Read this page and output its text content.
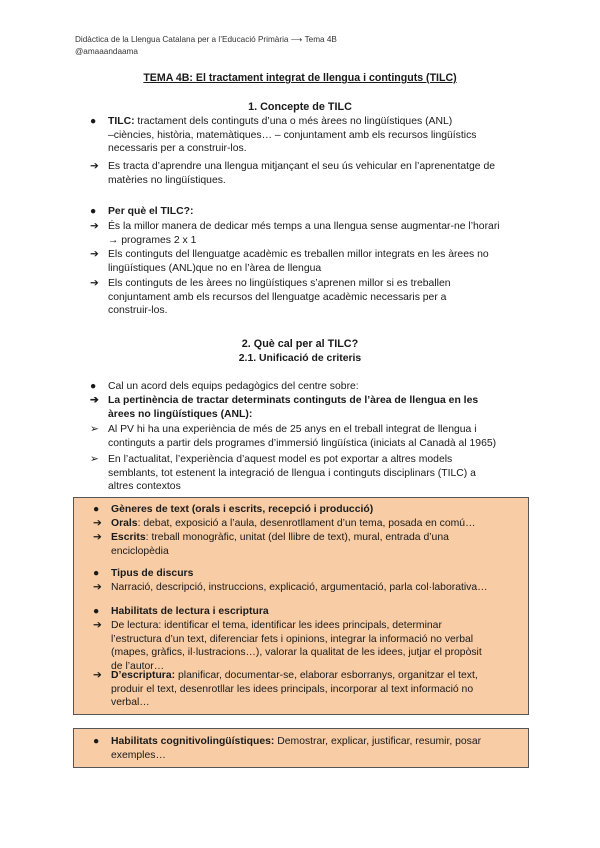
Didàctica de la Llengua Catalana per a l’Educació Primària ⟶ Tema 4B
@amaaandaama
TEMA 4B: El tractament integrat de llengua i continguts (TILC)
1. Concepte de TILC
●	TILC: tractament dels continguts d’una o més àrees no lingüístiques (ANL)
–ciències, història, matemàtiques… – conjuntament amb els recursos lingüístics
necessaris per a construir-los.
➔ Es tracta d’aprendre una llengua mitjançant el seu ús vehicular en l’aprenentatge de
matèries no lingüístiques.
●	Per què el TILC?:
➔ És la millor manera de dedicar més temps a una llengua sense augmentar-ne l’horari
→ programes 2 x 1
➔ Els continguts del llenguatge acadèmic es treballen millor integrats en les àrees no
lingüístiques (ANL)que no en l’àrea de llengua
➔ Els continguts de les àrees no lingüístiques s’aprenen millor si es treballen
conjuntament amb els recursos del llenguatge acadèmic necessaris per a
construir-los.
2. Què cal per al TILC?
2.1. Unificació de criteris
●	Cal un acord dels equips pedagògics del centre sobre:
➔ La pertinència de tractar determinats continguts de l’àrea de llengua en les
àrees no lingüístiques (ANL):
➢ Al PV hi ha una experiència de més de 25 anys en el treball integrat de llengua i
continguts a partir dels programes d’immersió lingüística (iniciats al Canadà al 1965)
➢ En l’actualitat, l’experiència d’aquest model es pot exportar a altres models
semblants, tot estenent la integració de llengua i continguts disciplinars (TILC) a
altres contextos
●	Gèneres de text (orals i escrits, recepció i producció)
➔ Orals: debat, exposició a l’aula, desenrotllament d’un tema, posada en comú…
➔ Escrits: treball monogràfic, unitat (del llibre de text), mural, entrada d’una
enciclopèdia
●	Tipus de discurs
➔ Narració, descripció, instruccions, explicació, argumentació, parla col·laborativa…
●	Habilitats de lectura i escriptura
➔ De lectura: identificar el tema, identificar les idees principals, determinar
l’estructura d’un text, diferenciar fets i opinions, integrar la informació no verbal
(mapes, gràfics, il·lustracions…), valorar la qualitat de les idees, jutjar el propòsit
de l’autor…
➔ D’escriptura: planificar, documentar-se, elaborar esborranys, organitzar el text,
produir el text, desenrotllar les idees principals, incorporar al text informació no
verbal…
●	Habilitats cognitivolingüístiques: Demostrar, explicar, justificar, resumir, posar
exemples…
